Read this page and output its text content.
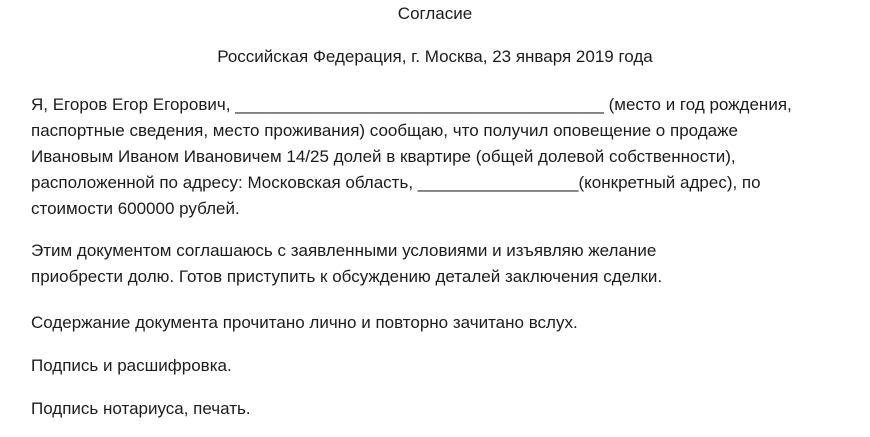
Согласие

Российская Федерация, г. Москва, 23 января 2019 года

Я, Егоров Егор Егорович, _______________________________________ (место и год рождения,
паспортные сведения, место проживания) сообщаю, что получил оповещение о продаже
Ивановым Иваном Ивановичем 14/25 долей в квартире (общей долевой собственности),
расположенной по адресу: Московская область, _________________(конкретный адрес), по
стоимости 600000 рублей.

Этим документом соглашаюсь с заявленными условиями и изъявляю желание
приобрести долю. Готов приступить к обсуждению деталей заключения сделки.

Содержание документа прочитано лично и повторно зачитано вслух.

Подпись и расшифровка.

Подпись нотариуса, печать.
